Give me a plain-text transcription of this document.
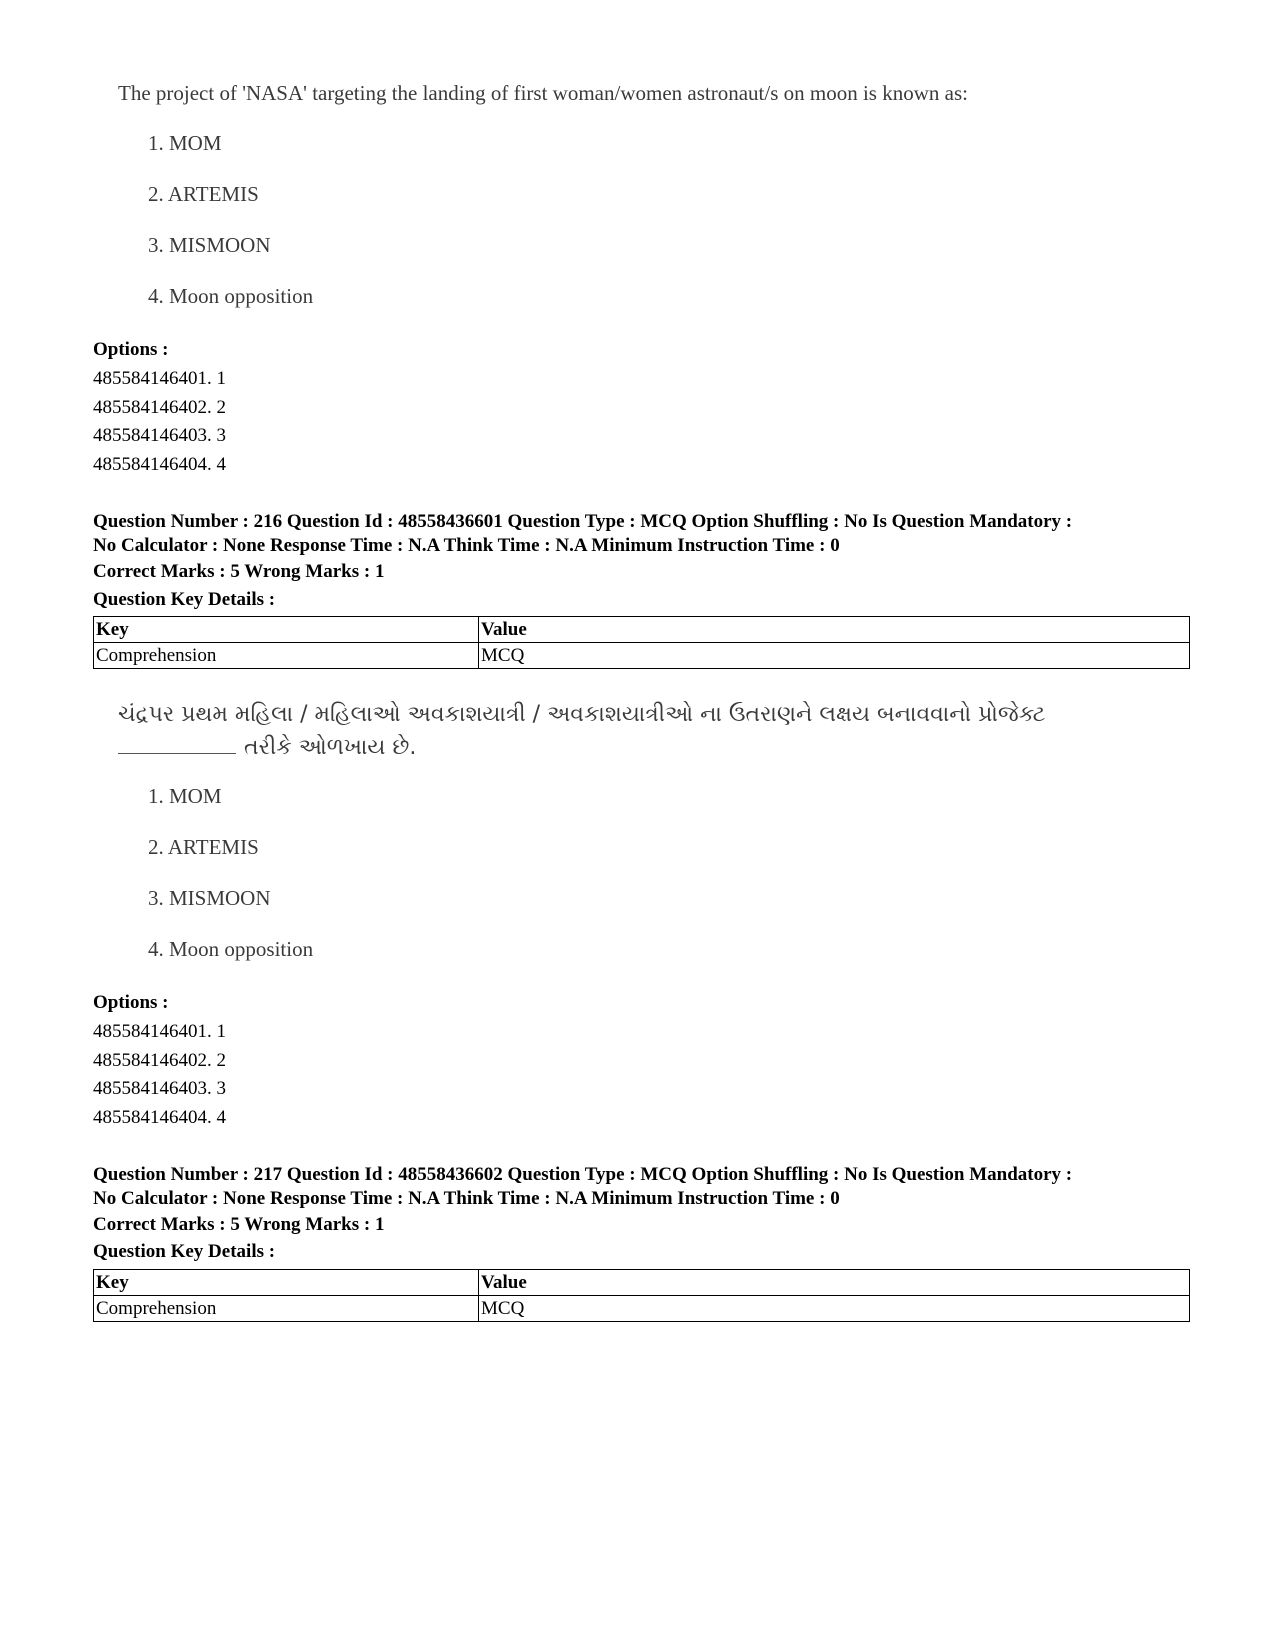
The project of 'NASA' targeting the landing of first woman/women astronaut/s on moon is known as:
1. MOM
2. ARTEMIS
3. MISMOON
4. Moon opposition
Options :
485584146401. 1
485584146402. 2
485584146403. 3
485584146404. 4
Question Number : 216 Question Id : 48558436601 Question Type : MCQ Option Shuffling : No Is Question Mandatory :
No Calculator : None Response Time : N.A Think Time : N.A Minimum Instruction Time : 0
Correct Marks : 5 Wrong Marks : 1
Question Key Details :
Key	Value
Comprehension	MCQ
ચંદ્રપર પ્રથમ મહિલા / મહિલાઓ અવકાશયાત્રી / અવકાશયાત્રીઓ ના ઉતરાણને લક્ષય બનાવવાનો પ્રોજેક્ટ
તરીકે ઓળખાય છે.
1. MOM
2. ARTEMIS
3. MISMOON
4. Moon opposition
Options :
485584146401. 1
485584146402. 2
485584146403. 3
485584146404. 4
Question Number : 217 Question Id : 48558436602 Question Type : MCQ Option Shuffling : No Is Question Mandatory :
No Calculator : None Response Time : N.A Think Time : N.A Minimum Instruction Time : 0
Correct Marks : 5 Wrong Marks : 1
Question Key Details :
Key	Value
Comprehension	MCQ
